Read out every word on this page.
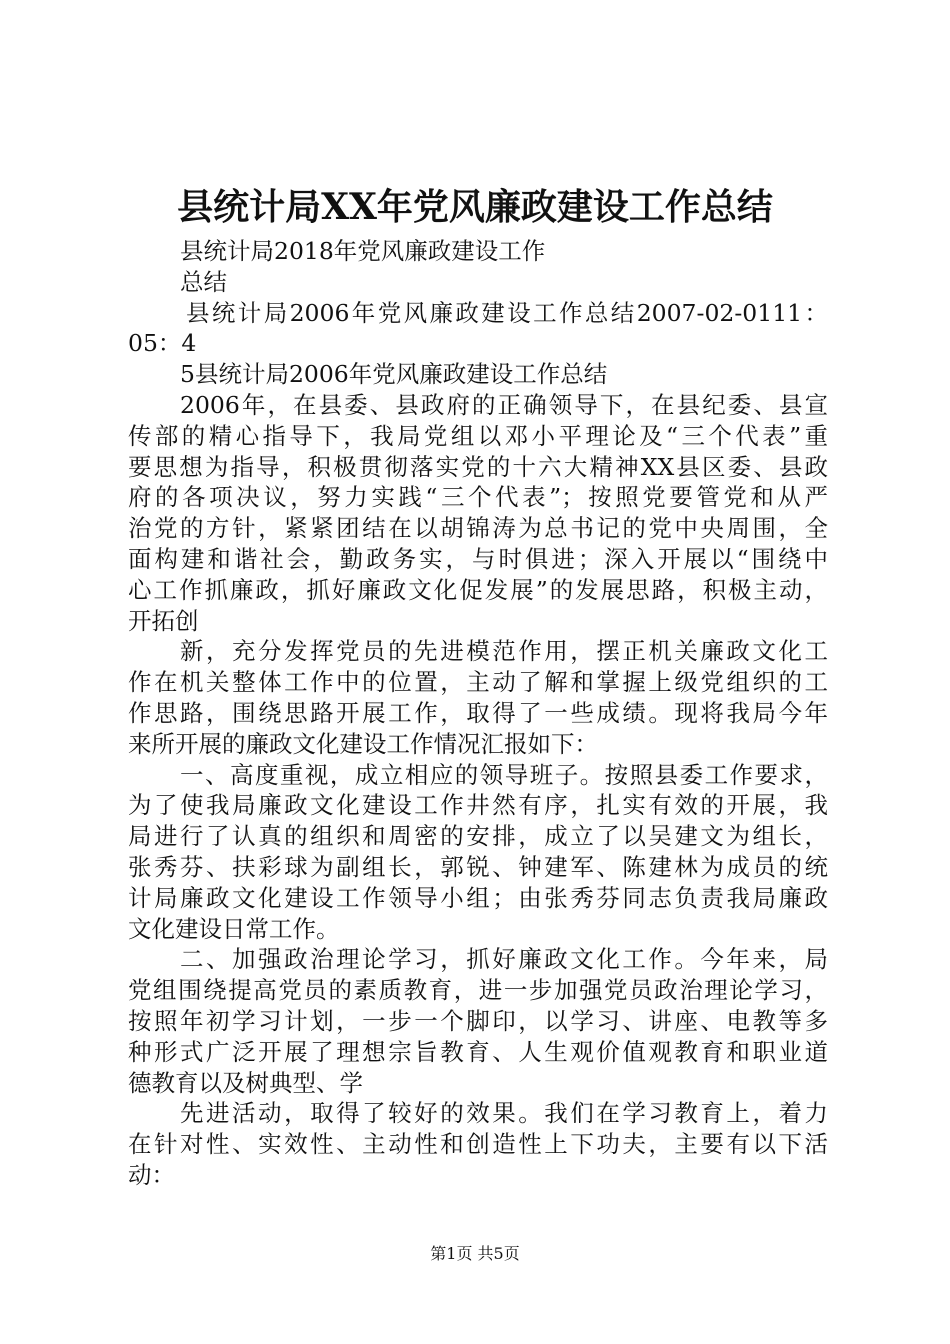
县统计局XX年党风廉政建设工作总结

县统计局2018年党风廉政建设工作

总结

县统计局2006年党风廉政建设工作总结2007-02-0111：

05：4

5县统计局2006年党风廉政建设工作总结

2006年，在县委、县政府的正确领导下，在县纪委、县宣

传部的精心指导下，我局党组以邓小平理论及“三个代表”重

要思想为指导，积极贯彻落实党的十六大精神XX县区委、县政

府的各项决议，努力实践“三个代表”；按照党要管党和从严

治党的方针，紧紧团结在以胡锦涛为总书记的党中央周围，全

面构建和谐社会，勤政务实，与时俱进；深入开展以“围绕中

心工作抓廉政，抓好廉政文化促发展”的发展思路，积极主动，

开拓创

新，充分发挥党员的先进模范作用，摆正机关廉政文化工

作在机关整体工作中的位置，主动了解和掌握上级党组织的工

作思路，围绕思路开展工作，取得了一些成绩。现将我局今年

来所开展的廉政文化建设工作情况汇报如下：

一、高度重视，成立相应的领导班子。按照县委工作要求，

为了使我局廉政文化建设工作井然有序，扎实有效的开展，我

局进行了认真的组织和周密的安排，成立了以吴建文为组长，

张秀芬、扶彩球为副组长，郭锐、钟建军、陈建林为成员的统

计局廉政文化建设工作领导小组；由张秀芬同志负责我局廉政

文化建设日常工作。

二、加强政治理论学习，抓好廉政文化工作。今年来，局

党组围绕提高党员的素质教育，进一步加强党员政治理论学习，

按照年初学习计划，一步一个脚印，以学习、讲座、电教等多

种形式广泛开展了理想宗旨教育、人生观价值观教育和职业道

德教育以及树典型、学

先进活动，取得了较好的效果。我们在学习教育上，着力

在针对性、实效性、主动性和创造性上下功夫，主要有以下活

动：

第1页 共5页
